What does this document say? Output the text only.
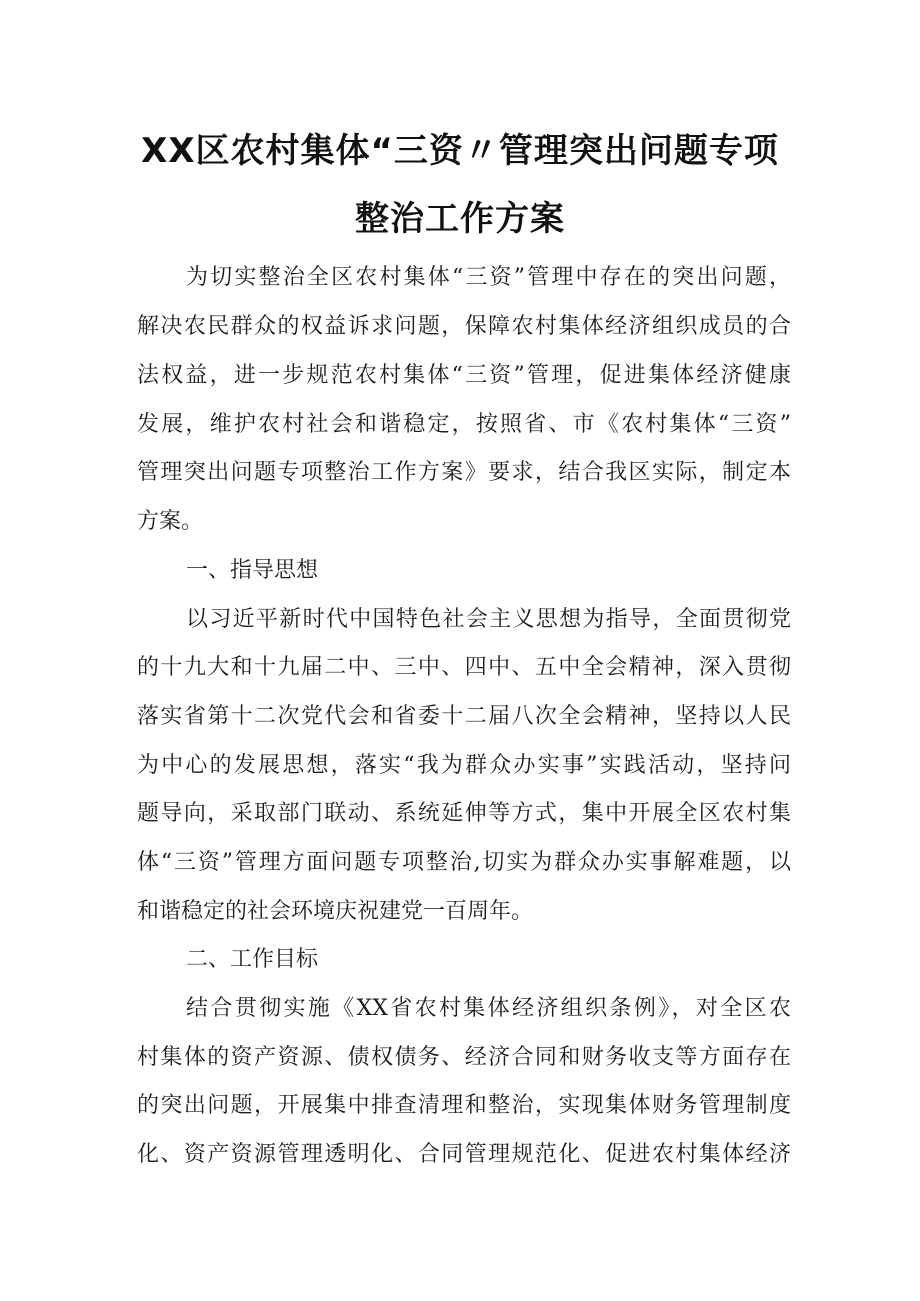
XX区农村集体“三资〃管理突出问题专项
整治工作方案
为切实整治全区农村集体“三资”管理中存在的突出问题，
解决农民群众的权益诉求问题，保障农村集体经济组织成员的合
法权益，进一步规范农村集体“三资”管理，促进集体经济健康
发展，维护农村社会和谐稳定，按照省、市《农村集体“三资”
管理突出问题专项整治工作方案》要求，结合我区实际，制定本
方案。
一、指导思想
以习近平新时代中国特色社会主义思想为指导，全面贯彻党
的十九大和十九届二中、三中、四中、五中全会精神，深入贯彻
落实省第十二次党代会和省委十二届八次全会精神，坚持以人民
为中心的发展思想，落实“我为群众办实事”实践活动，坚持问
题导向，采取部门联动、系统延伸等方式，集中开展全区农村集
体“三资”管理方面问题专项整治,切实为群众办实事解难题，以
和谐稳定的社会环境庆祝建党一百周年。
二、工作目标
结合贯彻实施《XX省农村集体经济组织条例》，对全区农
村集体的资产资源、债权债务、经济合同和财务收支等方面存在
的突出问题，开展集中排查清理和整治，实现集体财务管理制度
化、资产资源管理透明化、合同管理规范化、促进农村集体经济
